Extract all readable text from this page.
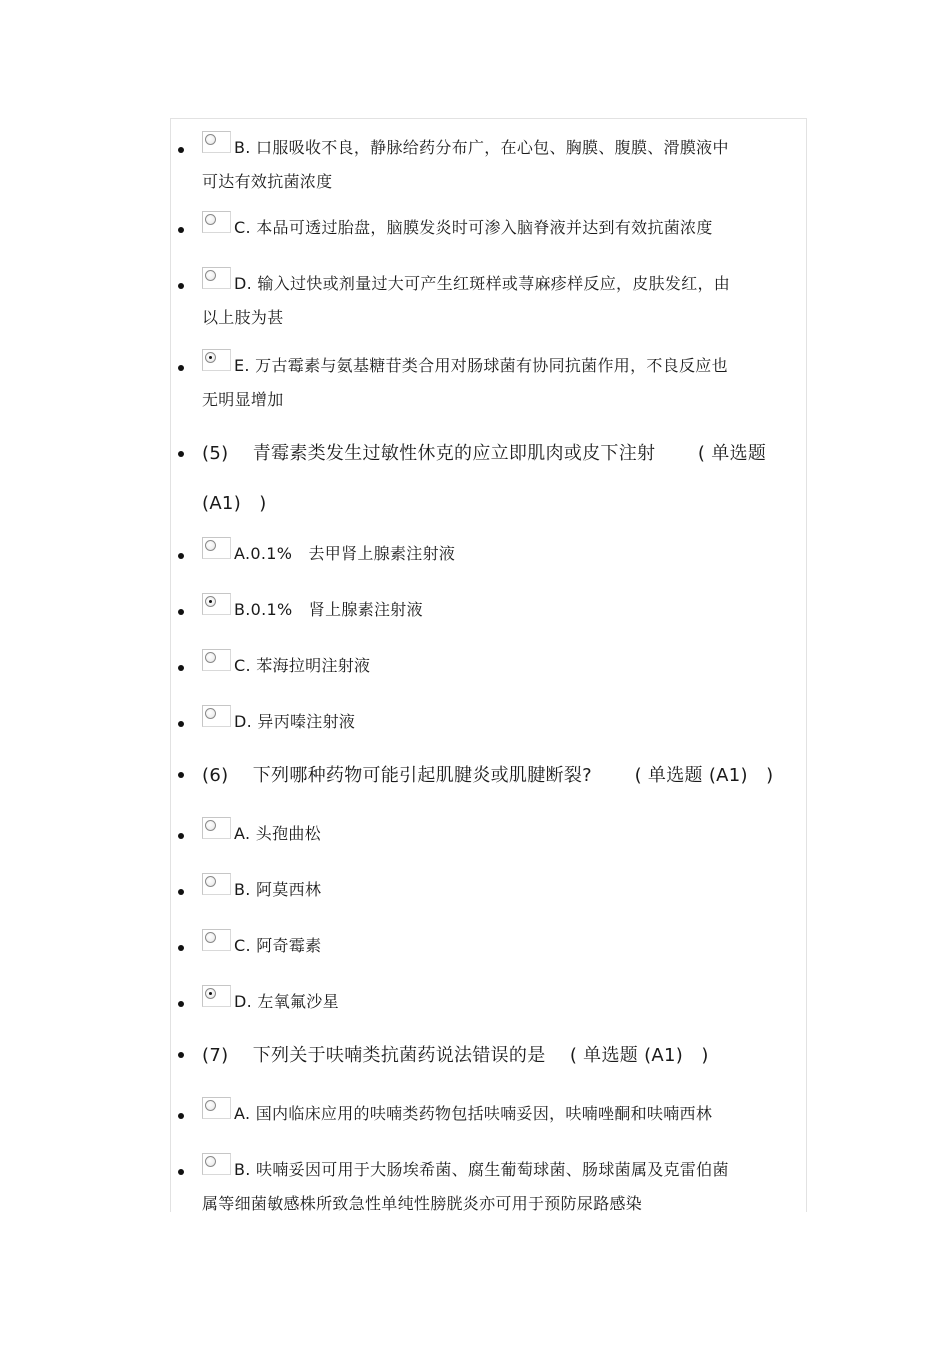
B. 口服吸收不良，静脉给药分布广，在心包、胸膜、腹膜、滑膜液中
可达有效抗菌浓度
C. 本品可透过胎盘，脑膜发炎时可渗入脑脊液并达到有效抗菌浓度
D. 输入过快或剂量过大可产生红斑样或荨麻疹样反应，皮肤发红，由
以上肢为甚
E. 万古霉素与氨基糖苷类合用对肠球菌有协同抗菌作用，不良反应也
无明显增加
(5)　 青霉素类发生过敏性休克的应立即肌肉或皮下注射　　 ( 单选题
(A1)　)
A.0.1%　去甲肾上腺素注射液
B.0.1%　肾上腺素注射液
C. 苯海拉明注射液
D. 异丙嗪注射液
(6)　 下列哪种药物可能引起肌腱炎或肌腱断裂?　　 ( 单选题 (A1)　)
A. 头孢曲松
B. 阿莫西林
C. 阿奇霉素
D. 左氧氟沙星
(7)　 下列关于呋喃类抗菌药说法错误的是　 ( 单选题 (A1)　)
A. 国内临床应用的呋喃类药物包括呋喃妥因，呋喃唑酮和呋喃西林
B. 呋喃妥因可用于大肠埃希菌、腐生葡萄球菌、肠球菌属及克雷伯菌
属等细菌敏感株所致急性单纯性膀胱炎亦可用于预防尿路感染
